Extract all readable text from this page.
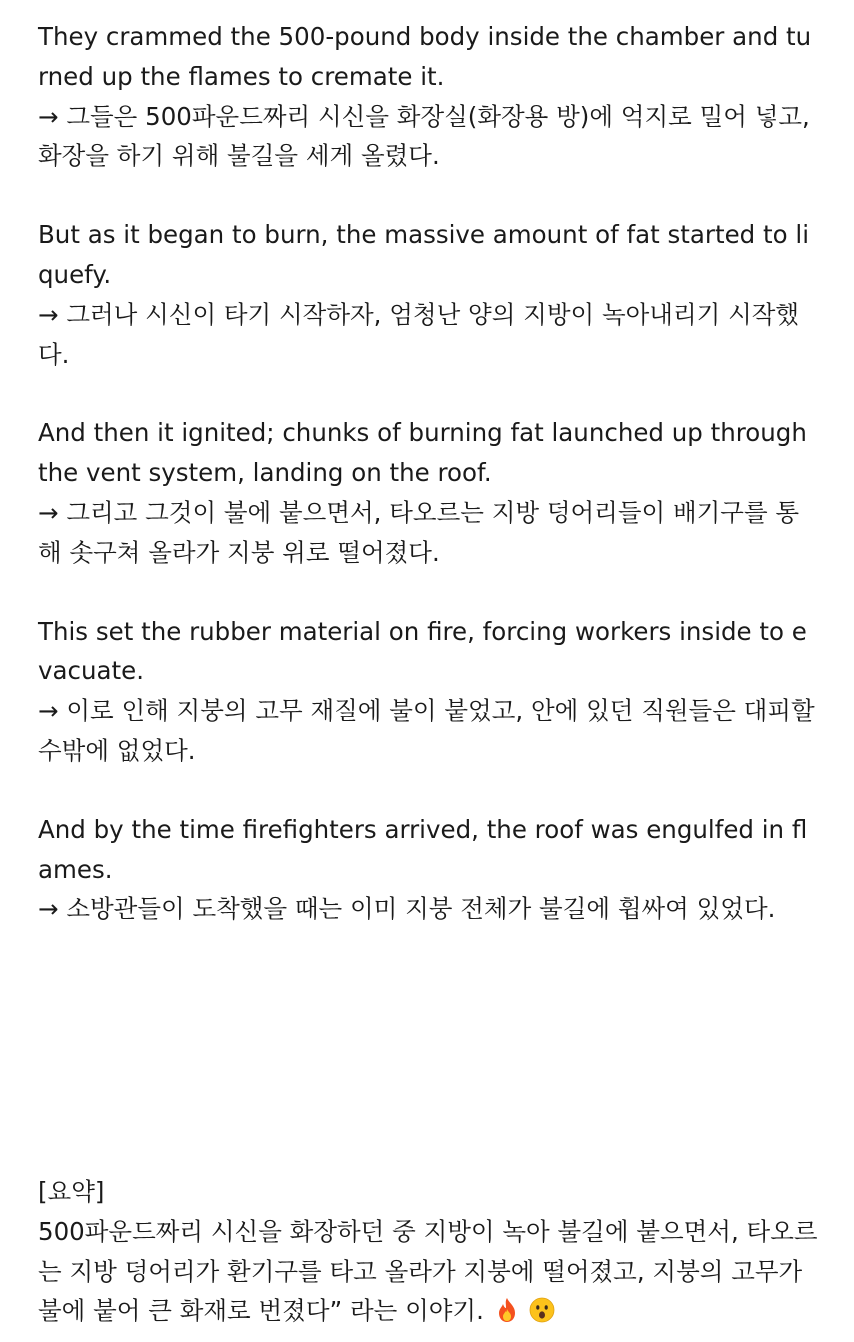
They crammed the 500-pound body inside the chamber and turned up the flames to cremate it.
→ 그들은 500파운드짜리 시신을 화장실(화장용 방)에 억지로 밀어 넣고, 화장을 하기 위해 불길을 세게 올렸다.

But as it began to burn, the massive amount of fat started to liquefy.
→ 그러나 시신이 타기 시작하자, 엄청난 양의 지방이 녹아내리기 시작했다.

And then it ignited; chunks of burning fat launched up through the vent system, landing on the roof.
→ 그리고 그것이 불에 붙으면서, 타오르는 지방 덩어리들이 배기구를 통해 솟구쳐 올라가 지붕 위로 떨어졌다.

This set the rubber material on fire, forcing workers inside to evacuate.
→ 이로 인해 지붕의 고무 재질에 불이 붙었고, 안에 있던 직원들은 대피할 수밖에 없었다.

And by the time firefighters arrived, the roof was engulfed in flames.
→ 소방관들이 도착했을 때는 이미 지붕 전체가 불길에 휩싸여 있었다.

[요약]
500파운드짜리 시신을 화장하던 중 지방이 녹아 불길에 붙으면서, 타오르는 지방 덩어리가 환기구를 타고 올라가 지붕에 떨어졌고, 지붕의 고무가 불에 붙어 큰 화재로 번졌다” 라는 이야기.
